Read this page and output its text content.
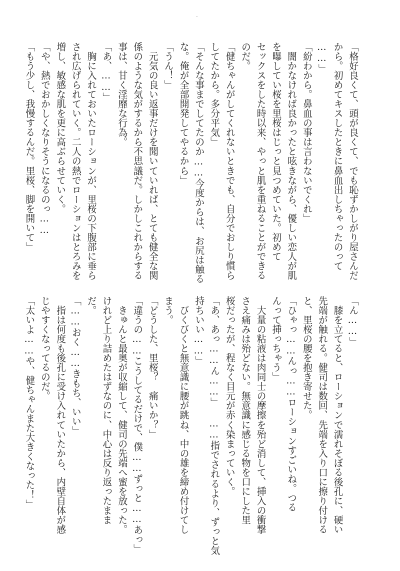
·
「格好良くて、頭が良くて、でも恥ずかしがり屋さんだ
から。初めてキスしたときに鼻血出しちゃったのって
……」
「紛わから。鼻血の事は言わないでくれ」
　闇かなければ良かったと呟きながら、優しい恋人が肌
を曝してい桜を里桜はじっと見つめていた。初めて
セックスをした時以来、やっと肌を重ねることができる
のだ。
「健ちゃんがしてくれないときでも、自分でおしり慣ら
してたから。多分平気」
「そんな事までしてたのか……今度からは、お尻は触る
な。俺が全部開発してやるから」
「うん！」
　元気の良い返事だけを聞いていれば、とても健全な関
係のような気がするから不思議だ。しかしこれからする
事は、甘く淫靡な行為。
「あ、……」
　胸に入れておいたローションが、里桜の下腹部に垂ら
され広げられていく。二人の熱でローションはとろみを
増し、敏感な肌を更に高ぶらせていく。
「や、熱でおかしくなりそうになるのっ……
「もう少し、我慢するんだ。里桜、脚を開いて」
「ん……」
　膝を立てると、ローションで濡れそぼる後孔に、硬い
先端が触れる。健司は数回、先端を入り口に擦り付ける
と、里桜の腰を抱き寄せた。
「ひゃっ……んっ……ローションすごいね。つる
んって挿っちゃう」
　大量の粘液は肉同士の摩擦を殆ど消して、挿入の衝撃
さえ痛みは殆どない。無意識に感じる物を口にした里
桜だったが、程なく目元が赤く染まっていく。
「あ、あっ……ん……」 ……指でされるより、ずっと気
持ちいい……」
　びくびくと無意識に腰が跳ね、中の雄を締め付けてし
まう。
「どうした、里桜？　痛いか？」
「違うの……こうしてるだけで、僕……ずっと……あっ」
　きゅんと最奥が収縮して、健司の先端へ蜜を放った。
けれど上り詰めたはずなのに、中心は反り返ったまま
だ。
「……おく……きもち、いい」
　指は何度も後孔に受け入れていたから、内壁自体が感
じやすくなってるのだ。
「太いよ……や、健ちゃんまた大きくなった！」
